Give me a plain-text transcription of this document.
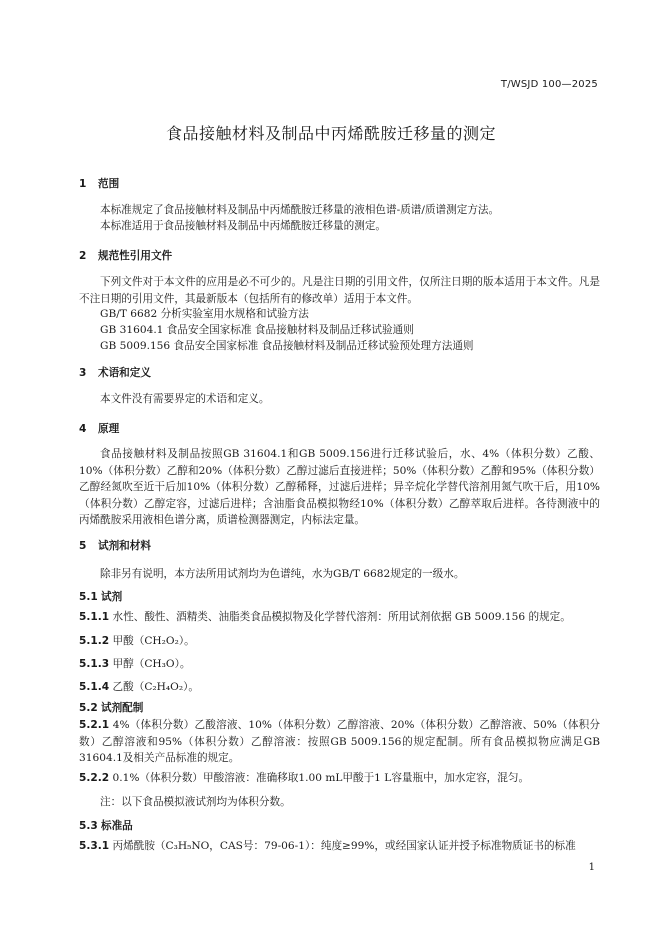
T/WSJD 100—2025
食品接触材料及制品中丙烯酰胺迁移量的测定
1 范围
本标准规定了食品接触材料及制品中丙烯酰胺迁移量的液相色谱-质谱/质谱测定方法。
本标准适用于食品接触材料及制品中丙烯酰胺迁移量的测定。
2 规范性引用文件
下列文件对于本文件的应用是必不可少的。凡是注日期的引用文件，仅所注日期的版本适用于本文件。凡是不注日期的引用文件，其最新版本（包括所有的修改单）适用于本文件。
GB/T 6682 分析实验室用水规格和试验方法
GB 31604.1 食品安全国家标准 食品接触材料及制品迁移试验通则
GB 5009.156 食品安全国家标准 食品接触材料及制品迁移试验预处理方法通则
3 术语和定义
本文件没有需要界定的术语和定义。
4 原理
食品接触材料及制品按照GB 31604.1和GB 5009.156进行迁移试验后，水、4%（体积分数）乙酸、10%（体积分数）乙醇和20%（体积分数）乙醇过滤后直接进样；50%（体积分数）乙醇和95%（体积分数）乙醇经氮吹至近干后加10%（体积分数）乙醇稀释，过滤后进样；异辛烷化学替代溶剂用氮气吹干后，用10%（体积分数）乙醇定容，过滤后进样；含油脂食品模拟物经10%（体积分数）乙醇萃取后进样。各待测液中的丙烯酰胺采用液相色谱分离，质谱检测器测定，内标法定量。
5 试剂和材料
除非另有说明，本方法所用试剂均为色谱纯，水为GB/T 6682规定的一级水。
5.1 试剂
5.1.1 水性、酸性、酒精类、油脂类食品模拟物及化学替代溶剂：所用试剂依据 GB 5009.156 的规定。
5.1.2 甲酸（CH₂O₂）。
5.1.3 甲醇（CH₃O）。
5.1.4 乙酸（C₂H₄O₂）。
5.2 试剂配制
5.2.1 4%（体积分数）乙酸溶液、10%（体积分数）乙醇溶液、20%（体积分数）乙醇溶液、50%（体积分数）乙醇溶液和95%（体积分数）乙醇溶液：按照GB 5009.156的规定配制。所有食品模拟物应满足GB 31604.1及相关产品标准的规定。
5.2.2 0.1%（体积分数）甲酸溶液：准确移取1.00 mL甲酸于1 L容量瓶中，加水定容，混匀。
注：以下食品模拟液试剂均为体积分数。
5.3 标准品
5.3.1 丙烯酰胺（C₃H₅NO，CAS号：79-06-1）：纯度≥99%，或经国家认证并授予标准物质证书的标准
1
